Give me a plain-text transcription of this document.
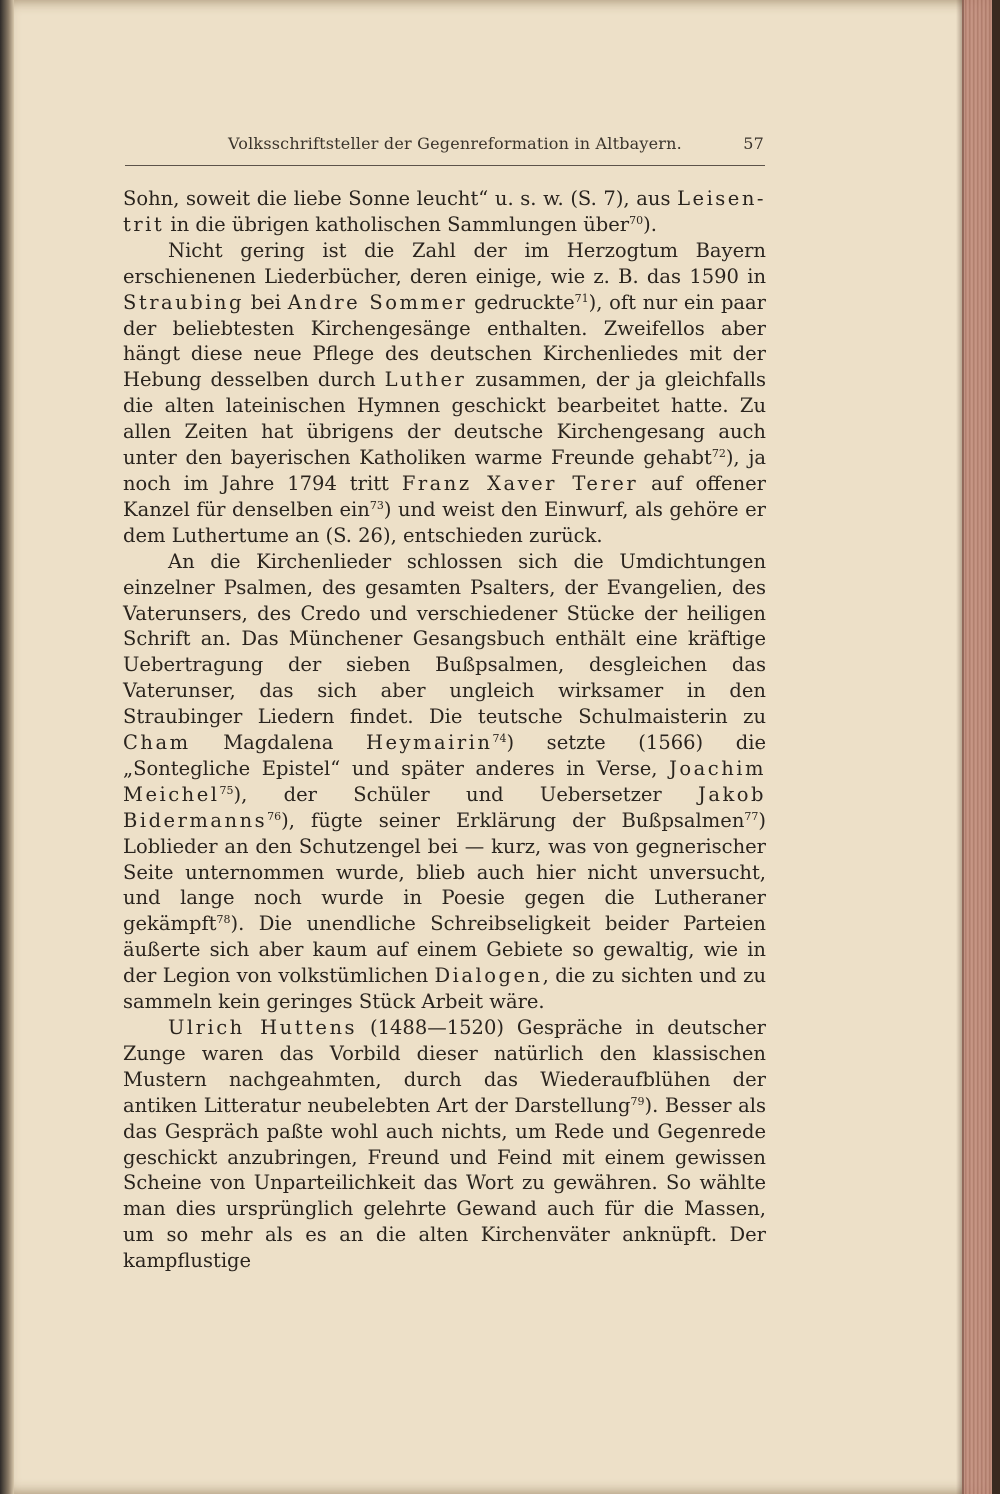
Volksschriftsteller der Gegenreformation in Altbayern.	57

Sohn, soweit die liebe Sonne leucht“ u. s. w. (S. 7), aus Leisen-trit in die übrigen katholischen Sammlungen über$^{70}$).

Nicht gering ist die Zahl der im Herzogtum Bayern erschienenen Liederbücher, deren einige, wie z. B. das 1590 in Straubing bei Andre Sommer gedruckte$^{71}$), oft nur ein paar der beliebtesten Kirchengesänge enthalten. Zweifellos aber hängt diese neue Pflege des deutschen Kirchenliedes mit der Hebung desselben durch Luther zusammen, der ja gleichfalls die alten lateinischen Hymnen geschickt bearbeitet hatte. Zu allen Zeiten hat übrigens der deutsche Kirchengesang auch unter den bayerischen Katholiken warme Freunde gehabt$^{72}$), ja noch im Jahre 1794 tritt Franz Xaver Terer auf offener Kanzel für denselben ein$^{73}$) und weist den Einwurf, als gehöre er dem Luthertume an (S. 26), entschieden zurück.

An die Kirchenlieder schlossen sich die Umdichtungen einzelner Psalmen, des gesamten Psalters, der Evangelien, des Vaterunsers, des Credo und verschiedener Stücke der heiligen Schrift an. Das Münchener Gesangsbuch enthält eine kräftige Uebertragung der sieben Bußpsalmen, desgleichen das Vaterunser, das sich aber ungleich wirksamer in den Straubinger Liedern findet. Die teutsche Schulmaisterin zu Cham Magdalena Heymairin$^{74}$) setzte (1566) die „Sontegliche Epistel“ und später anderes in Verse, Joachim Meichel$^{75}$), der Schüler und Uebersetzer Jakob Bidermanns$^{76}$), fügte seiner Erklärung der Bußpsalmen$^{77}$) Loblieder an den Schutzengel bei — kurz, was von gegnerischer Seite unternommen wurde, blieb auch hier nicht unversucht, und lange noch wurde in Poesie gegen die Lutheraner gekämpft$^{78}$). Die unendliche Schreibseligkeit beider Parteien äußerte sich aber kaum auf einem Gebiete so gewaltig, wie in der Legion von volkstümlichen Dialogen, die zu sichten und zu sammeln kein geringes Stück Arbeit wäre.

Ulrich Huttens (1488—1520) Gespräche in deutscher Zunge waren das Vorbild dieser natürlich den klassischen Mustern nachgeahmten, durch das Wiederaufblühen der antiken Litteratur neubelebten Art der Darstellung$^{79}$). Besser als das Gespräch paßte wohl auch nichts, um Rede und Gegenrede geschickt anzubringen, Freund und Feind mit einem gewissen Scheine von Unparteilichkeit das Wort zu gewähren. So wählte man dies ursprünglich gelehrte Gewand auch für die Massen, um so mehr als es an die alten Kirchenväter anknüpft. Der kampflustige
